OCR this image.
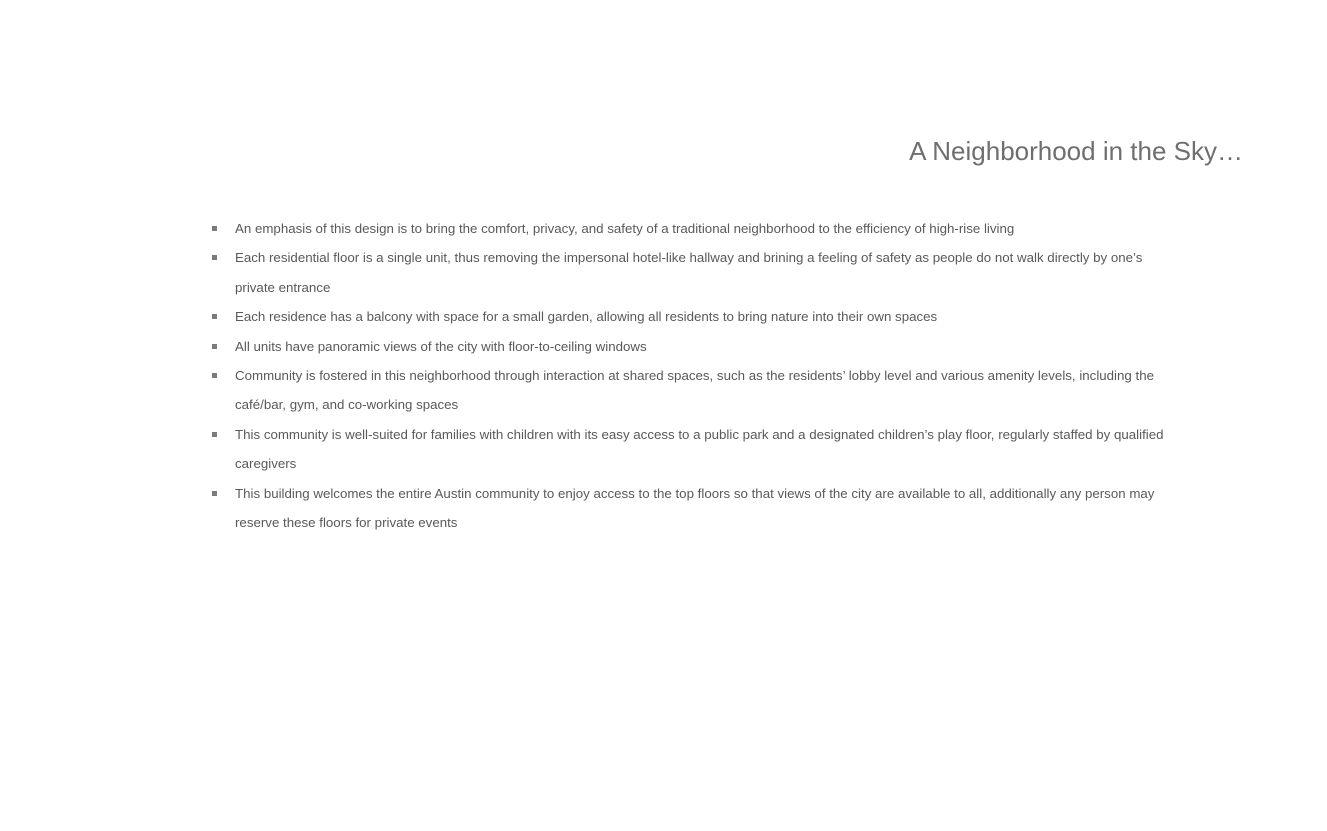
A Neighborhood in the Sky…
An emphasis of this design is to bring the comfort, privacy, and safety of a traditional neighborhood to the efficiency of high-rise living
Each residential floor is a single unit, thus removing the impersonal hotel-like hallway and brining a feeling of safety as people do not walk directly by one’s private entrance
Each residence has a balcony with space for a small garden, allowing all residents to bring nature into their own spaces
All units have panoramic views of the city with floor-to-ceiling windows
Community is fostered in this neighborhood through interaction at shared spaces, such as the residents’ lobby level and various amenity levels, including the café/bar, gym, and co-working spaces
This community is well-suited for families with children with its easy access to a public park and a designated children’s play floor, regularly staffed by qualified caregivers
This building welcomes the entire Austin community to enjoy access to the top floors so that views of the city are available to all, additionally any person may reserve these floors for private events
